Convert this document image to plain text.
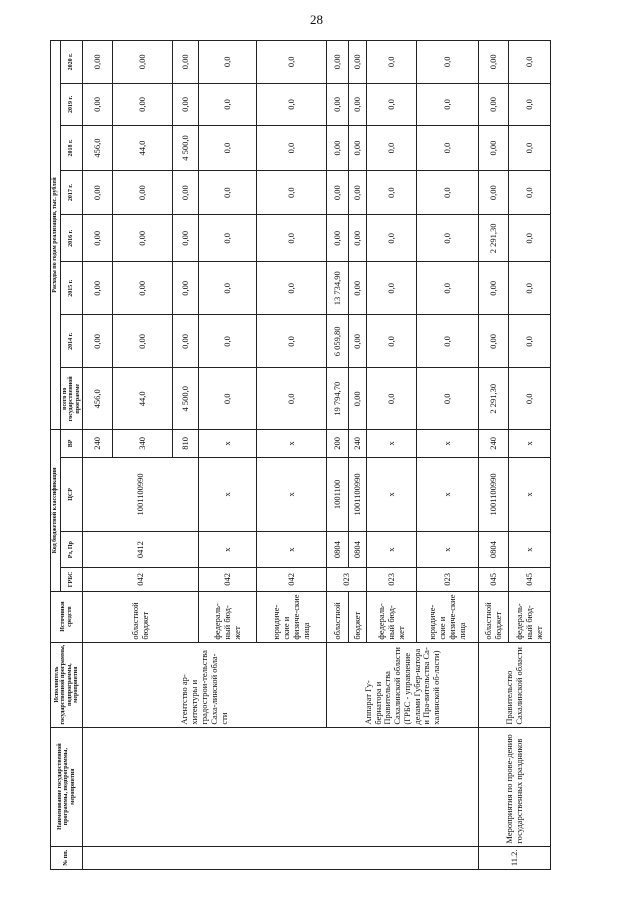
28
№ пп.	Наименование государственной программы, подпрограммы, мероприятия	Исполнитель государственной программы, подпрограммы, мероприятия	Источники средств	Код бюджетной классификации				Расходы по годам реализации, тыс. рублей							
				ГРБС	Рз, Пр	ЦСР	ВР	всего по государственной программе	2014 г.	2015 г.	2016 г.	2017 г.	2018 г.	2019 г.	2020 г.
		Агентство ар-хитектуры и градострои-тельства Саха-линской обла-сти	областной бюджет	042	0412	1001100990	240	456,0	0,00	0,00	0,00	0,00	456,0	0,00	0,00
							340	44,0	0,00	0,00	0,00	0,00	44,0	0,00	0,00
							810	4 500,0	0,00	0,00	0,00	0,00	4 500,0	0,00	0,00
			федераль-ный бюд-жет	042	x	x	x	0,0	0,0	0,0	0,0	0,0	0,0	0,0	0,0
			юридиче-ские и физиче-ские лица	042	x	x	x	0,0	0,0	0,0	0,0	0,0	0,0	0,0	0,0
		Аппарат Гу-бернатора и Правительства Сахалинской области (ГРБС - управление делами Губер-натора и Пра-вительства Са-халинской об-ласти)	областной	023	0804	1001100	200	19 794,70	6 059,80	13 734,90	0,00	0,00	0,00	0,00	0,00
			бюджет		0804	1001100990	240	0,00	0,00	0,00	0,00	0,00	0,00	0,00	0,00
			федераль-ный бюд-жет	023	x	x	x	0,0	0,0	0,0	0,0	0,0	0,0	0,0	0,0
			юридиче-ские и физиче-ские лица	023	x	x	x	0,0	0,0	0,0	0,0	0,0	0,0	0,0	0,0
11.2.	Мероприятия по прове-дению государственных праздников	Правительство Сахалинской области	областной бюджет	045	0804	1001100990	240	2 291,30	0,00	0,00	2 291,30	0,00	0,00	0,00	0,00
			федераль-ный бюд-жет	045	x	x	x	0,0	0,0	0,0	0,0	0,0	0,0	0,0	0,0
